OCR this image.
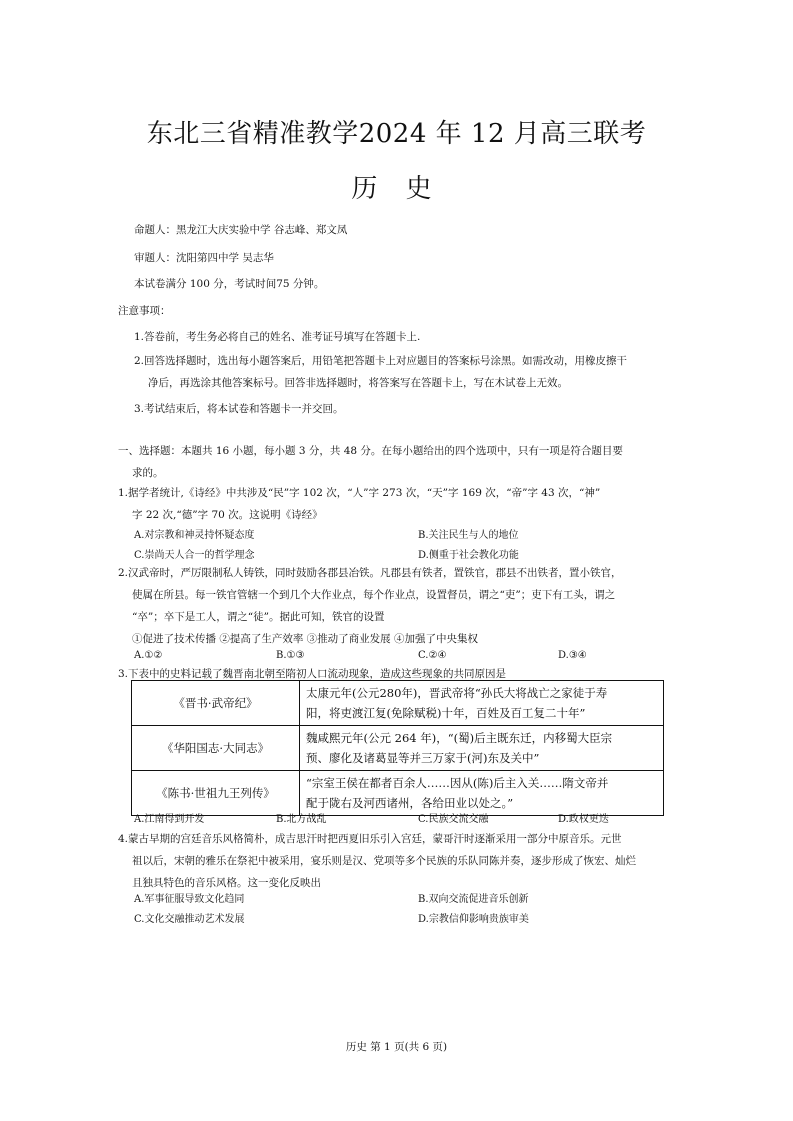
东北三省精准教学2024 年 12 月高三联考
历 史
命题人：黑龙江大庆实验中学 谷志峰、郑文凤
审题人：沈阳第四中学 吴志华
本试卷满分 100 分，考试时间75 分钟。
注意事项：
1.答卷前，考生务必将自己的姓名、准考证号填写在答题卡上.
2.回答选择题时，选出每小题答案后，用铅笔把答题卡上对应题目的答案标号涂黑。如需改动，用橡皮擦干
净后，再选涂其他答案标号。回答非选择题时，将答案写在答题卡上，写在木试卷上无效。
3.考试结束后，将本试卷和答题卡一并交回。
一、选择题：本题共 16 小题，每小题 3 分，共 48 分。在每小题给出的四个选项中，只有一项是符合题目要
求的。
1.据学者统计,《诗经》中共涉及“民”字 102 次，“人”字 273 次，“天”字 169 次，“帝”字 43 次，“神”
字 22 次,“德”字 70 次。这说明《诗经》
A.对宗教和神灵持怀疑态度	B.关注民生与人的地位
C.崇尚天人合一的哲学理念	D.侧重于社会教化功能
2.汉武帝时，严厉限制私人铸铁，同时鼓励各郡县冶铁。凡郡县有铁者，置铁官，郡县不出铁者，置小铁官，
使属在所县。每一铁官管辖一个到几个大作业点，每个作业点，设置督员，谓之“吏”；吏下有工头，谓之
“卒”；卒下是工人，谓之“徒”。据此可知，铁官的设置
①促进了技术传播 ②提高了生产效率 ③推动了商业发展 ④加强了中央集权
A.①②	B.①③	C.②④	D.③④
3.下表中的史料记载了魏晋南北朝至隋初人口流动现象，造成这些现象的共同原因是
《晋书·武帝纪》	太康元年(公元280年)，晋武帝将“孙氏大将战亡之家徒于寿
阳，将吏渡江复(免除赋税)十年，百姓及百工复二十年”

《华阳国志·大同志》	魏咸熙元年(公元 264 年)，“(蜀)后主既东迁，内移蜀大臣宗
预、廖化及诸葛显等并三万家于(河)东及关中”

《陈书·世祖九王列传》	“宗室王侯在都者百余人……因从(陈)后主入关……隋文帝并
配于陇右及河西诸州，各给田业以处之。”
A.江南得到开发	B.北方战乱	C.民族交流交融	D.政权更迭
4.蒙古早期的宫廷音乐风格简朴，成吉思汗时把西夏旧乐引入宫廷，蒙哥汗时逐渐采用一部分中原音乐。元世
祖以后，宋朝的雅乐在祭祀中被采用，宴乐则是汉、党项等多个民族的乐队同陈并奏，逐步形成了恢宏、灿烂
且独具特色的音乐风格。这一变化反映出
A.军事征服导致文化趋同	B.双向交流促进音乐创新
C.文化交融推动艺术发展	D.宗教信仰影响贵族审美
历史 第 1 页(共 6 页)
